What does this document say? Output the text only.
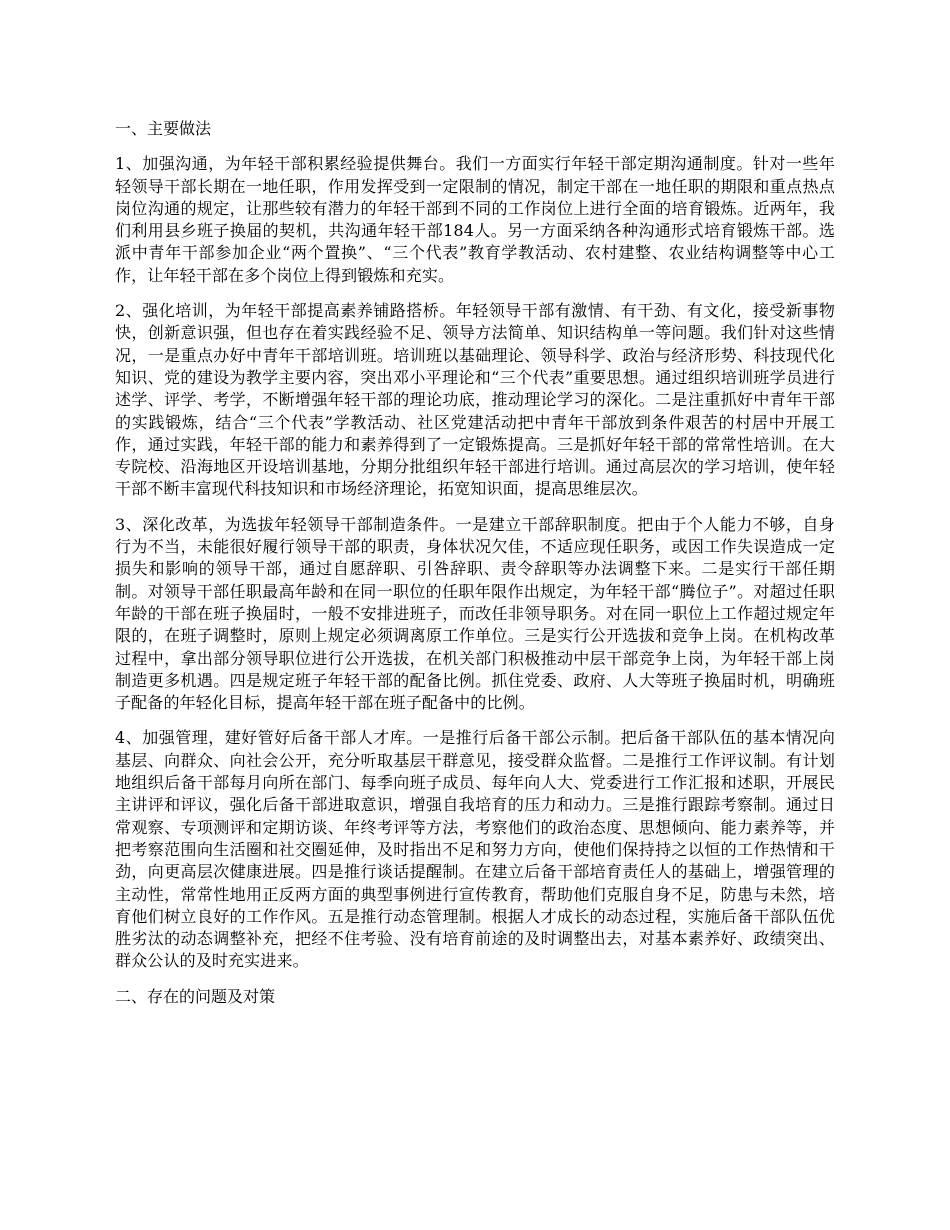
一、主要做法

1、加强沟通，为年轻干部积累经验提供舞台。我们一方面实行年轻干部定期沟通制度。针对一些年轻领导干部长期在一地任职，作用发挥受到一定限制的情况，制定干部在一地任职的期限和重点热点岗位沟通的规定，让那些较有潜力的年轻干部到不同的工作岗位上进行全面的培育锻炼。近两年，我们利用县乡班子换届的契机，共沟通年轻干部184人。另一方面采纳各种沟通形式培育锻炼干部。选派中青年干部参加企业“两个置换”、“三个代表”教育学教活动、农村建整、农业结构调整等中心工作，让年轻干部在多个岗位上得到锻炼和充实。

2、强化培训，为年轻干部提高素养铺路搭桥。年轻领导干部有激情、有干劲、有文化，接受新事物快，创新意识强，但也存在着实践经验不足、领导方法简单、知识结构单一等问题。我们针对这些情况，一是重点办好中青年干部培训班。培训班以基础理论、领导科学、政治与经济形势、科技现代化知识、党的建设为教学主要内容，突出邓小平理论和“三个代表”重要思想。通过组织培训班学员进行述学、评学、考学，不断增强年轻干部的理论功底，推动理论学习的深化。二是注重抓好中青年干部的实践锻炼，结合“三个代表”学教活动、社区党建活动把中青年干部放到条件艰苦的村居中开展工作，通过实践，年轻干部的能力和素养得到了一定锻炼提高。三是抓好年轻干部的常常性培训。在大专院校、沿海地区开设培训基地，分期分批组织年轻干部进行培训。通过高层次的学习培训，使年轻干部不断丰富现代科技知识和市场经济理论，拓宽知识面，提高思维层次。

3、深化改革，为选拔年轻领导干部制造条件。一是建立干部辞职制度。把由于个人能力不够，自身行为不当，未能很好履行领导干部的职责，身体状况欠佳，不适应现任职务，或因工作失误造成一定损失和影响的领导干部，通过自愿辞职、引咎辞职、责令辞职等办法调整下来。二是实行干部任期制。对领导干部任职最高年龄和在同一职位的任职年限作出规定，为年轻干部“腾位子”。对超过任职年龄的干部在班子换届时，一般不安排进班子，而改任非领导职务。对在同一职位上工作超过规定年限的，在班子调整时，原则上规定必须调离原工作单位。三是实行公开选拔和竞争上岗。在机构改革过程中，拿出部分领导职位进行公开选拔，在机关部门积极推动中层干部竞争上岗，为年轻干部上岗制造更多机遇。四是规定班子年轻干部的配备比例。抓住党委、政府、人大等班子换届时机，明确班子配备的年轻化目标，提高年轻干部在班子配备中的比例。

4、加强管理，建好管好后备干部人才库。一是推行后备干部公示制。把后备干部队伍的基本情况向基层、向群众、向社会公开，充分听取基层干群意见，接受群众监督。二是推行工作评议制。有计划地组织后备干部每月向所在部门、每季向班子成员、每年向人大、党委进行工作汇报和述职，开展民主讲评和评议，强化后备干部进取意识，增强自我培育的压力和动力。三是推行跟踪考察制。通过日常观察、专项测评和定期访谈、年终考评等方法，考察他们的政治态度、思想倾向、能力素养等，并把考察范围向生活圈和社交圈延伸，及时指出不足和努力方向，使他们保持持之以恒的工作热情和干劲，向更高层次健康进展。四是推行谈话提醒制。在建立后备干部培育责任人的基础上，增强管理的主动性，常常性地用正反两方面的典型事例进行宣传教育，帮助他们克服自身不足，防患与未然，培育他们树立良好的工作作风。五是推行动态管理制。根据人才成长的动态过程，实施后备干部队伍优胜劣汰的动态调整补充，把经不住考验、没有培育前途的及时调整出去，对基本素养好、政绩突出、群众公认的及时充实进来。

二、存在的问题及对策
